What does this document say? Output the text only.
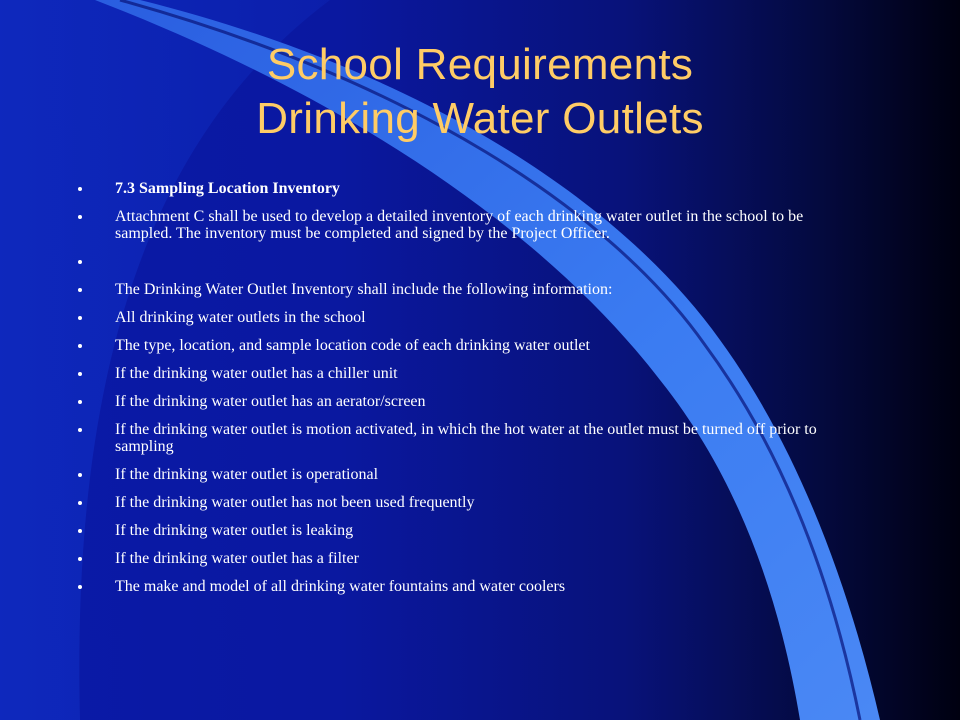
School Requirements
Drinking Water Outlets
7.3 Sampling Location Inventory
Attachment C shall be used to develop a detailed inventory of each drinking water outlet in the school to be sampled. The inventory must be completed and signed by the Project Officer.
The Drinking Water Outlet Inventory shall include the following information:
All drinking water outlets in the school
The type, location, and sample location code of each drinking water outlet
If the drinking water outlet has a chiller unit
If the drinking water outlet has an aerator/screen
If the drinking water outlet is motion activated, in which the hot water at the outlet must be turned off prior to sampling
If the drinking water outlet is operational
If the drinking water outlet has not been used frequently
If the drinking water outlet is leaking
If the drinking water outlet has a filter
The make and model of all drinking water fountains and water coolers
